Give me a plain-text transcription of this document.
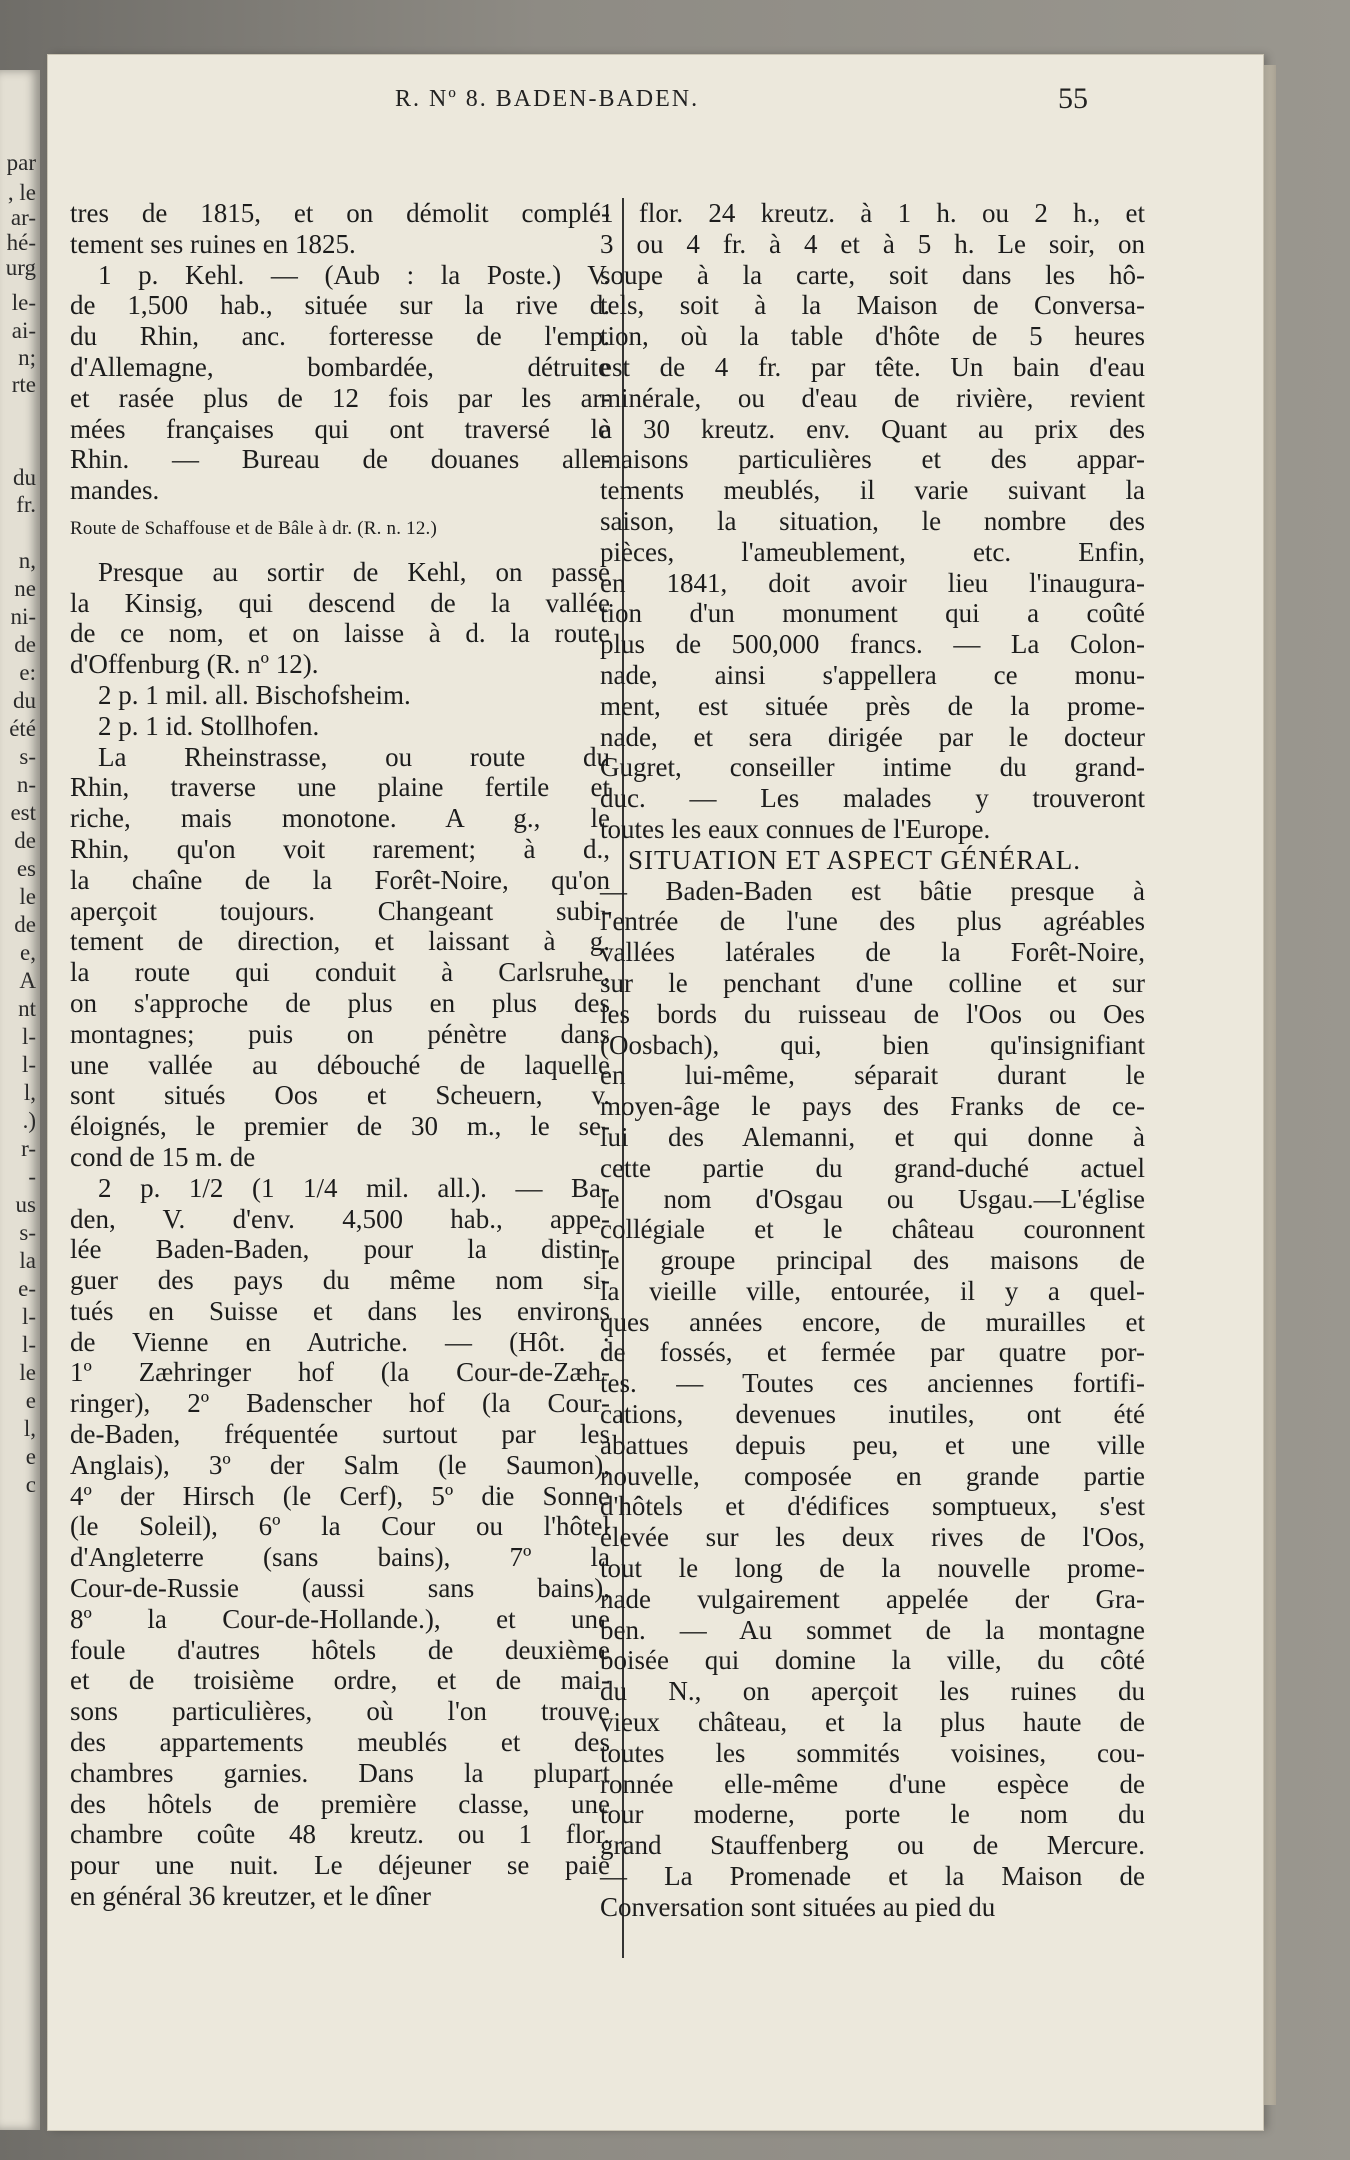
par
, le
ar-
hé-
urg
le-
ai-
n;
rte
du
fr.
n,
ne
ni-
de
e:
du
été
s-
n-
est
de
es
le
de
e,
A
nt
l-
l-
l,
.)
r-
-
us
s-
la
e-
l-
l-
le
e
l,
e
c
R. Nº 8. BADEN-BADEN.	55
tres de 1815, et on démolit complé-
tement ses ruines en 1825.
1 p. Kehl. — (Aub : la Poste.) V.
de 1,500 hab., située sur la rive d.
du Rhin, anc. forteresse de l'emp.
d'Allemagne, bombardée, détruite
et rasée plus de 12 fois par les ar-
mées françaises qui ont traversé le
Rhin. — Bureau de douanes alle-
mandes.
Route de Schaffouse et de Bâle à dr. (R. n. 12.)
Presque au sortir de Kehl, on passe
la Kinsig, qui descend de la vallée
de ce nom, et on laisse à d. la route
d'Offenburg (R. nº 12).
2 p. 1 mil. all. Bischofsheim.
2 p. 1 id. Stollhofen.
La Rheinstrasse, ou route du
Rhin, traverse une plaine fertile et
riche, mais monotone. A g., le
Rhin, qu'on voit rarement; à d.,
la chaîne de la Forêt-Noire, qu'on
aperçoit toujours. Changeant subi-
tement de direction, et laissant à g.
la route qui conduit à Carlsruhe,
on s'approche de plus en plus des
montagnes; puis on pénètre dans
une vallée au débouché de laquelle
sont situés Oos et Scheuern, v.
éloignés, le premier de 30 m., le se-
cond de 15 m. de
2 p. 1/2 (1 1/4 mil. all.). — Ba-
den, V. d'env. 4,500 hab., appe-
lée Baden-Baden, pour la distin-
guer des pays du même nom si-
tués en Suisse et dans les environs
de Vienne en Autriche. — (Hôt. :
1º Zæhringer hof (la Cour-de-Zæh-
ringer), 2º Badenscher hof (la Cour-
de-Baden, fréquentée surtout par les
Anglais), 3º der Salm (le Saumon),
4º der Hirsch (le Cerf), 5º die Sonne
(le Soleil), 6º la Cour ou l'hôtel
d'Angleterre (sans bains), 7º la
Cour-de-Russie (aussi sans bains),
8º la Cour-de-Hollande.), et une
foule d'autres hôtels de deuxième
et de troisième ordre, et de mai-
sons particulières, où l'on trouve
des appartements meublés et des
chambres garnies. Dans la plupart
des hôtels de première classe, une
chambre coûte 48 kreutz. ou 1 flor.
pour une nuit. Le déjeuner se paie
en général 36 kreutzer, et le dîner
1 flor. 24 kreutz. à 1 h. ou 2 h., et
3 ou 4 fr. à 4 et à 5 h. Le soir, on
soupe à la carte, soit dans les hô-
tels, soit à la Maison de Conversa-
tion, où la table d'hôte de 5 heures
est de 4 fr. par tête. Un bain d'eau
minérale, ou d'eau de rivière, revient
à 30 kreutz. env. Quant au prix des
maisons particulières et des appar-
tements meublés, il varie suivant la
saison, la situation, le nombre des
pièces, l'ameublement, etc. Enfin,
en 1841, doit avoir lieu l'inaugura-
tion d'un monument qui a coûté
plus de 500,000 francs. — La Colon-
nade, ainsi s'appellera ce monu-
ment, est située près de la prome-
nade, et sera dirigée par le docteur
Gugret, conseiller intime du grand-
duc. — Les malades y trouveront
toutes les eaux connues de l'Europe.
SITUATION ET ASPECT GÉNÉRAL.
— Baden-Baden est bâtie presque à
l'entrée de l'une des plus agréables
vallées latérales de la Forêt-Noire,
sur le penchant d'une colline et sur
les bords du ruisseau de l'Oos ou Oes
(Oosbach), qui, bien qu'insignifiant
en lui-même, séparait durant le
moyen-âge le pays des Franks de ce-
lui des Alemanni, et qui donne à
cette partie du grand-duché actuel
le nom d'Osgau ou Usgau.—L'église
collégiale et le château couronnent
le groupe principal des maisons de
la vieille ville, entourée, il y a quel-
ques années encore, de murailles et
de fossés, et fermée par quatre por-
tes. — Toutes ces anciennes fortifi-
cations, devenues inutiles, ont été
abattues depuis peu, et une ville
nouvelle, composée en grande partie
d'hôtels et d'édifices somptueux, s'est
élevée sur les deux rives de l'Oos,
tout le long de la nouvelle prome-
nade vulgairement appelée der Gra-
ben. — Au sommet de la montagne
boisée qui domine la ville, du côté
du N., on aperçoit les ruines du
vieux château, et la plus haute de
toutes les sommités voisines, cou-
ronnée elle-même d'une espèce de
tour moderne, porte le nom du
grand Stauffenberg ou de Mercure.
— La Promenade et la Maison de
Conversation sont situées au pied du
